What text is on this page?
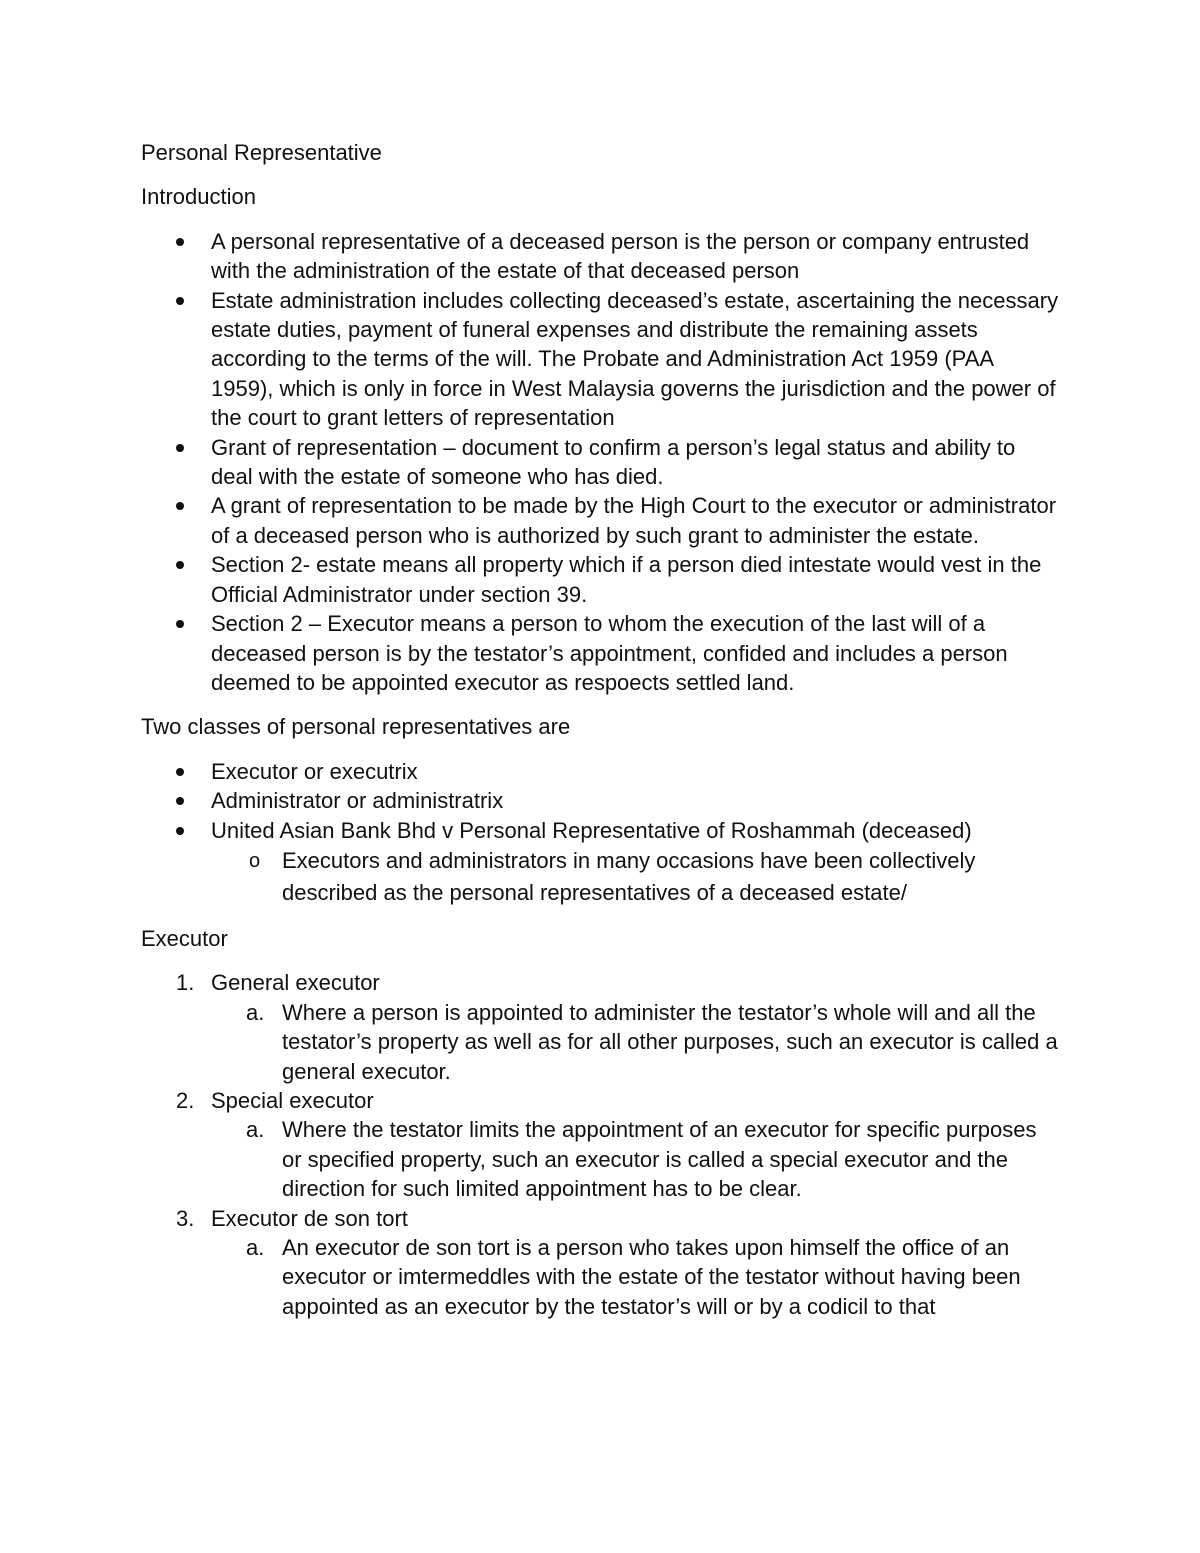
Personal Representative

Introduction

A personal representative of a deceased person is the person or company entrusted with the administration of the estate of that deceased person
Estate administration includes collecting deceased’s estate, ascertaining the necessary estate duties, payment of funeral expenses and distribute the remaining assets according to the terms of the will. The Probate and Administration Act 1959 (PAA 1959), which is only in force in West Malaysia governs the jurisdiction and the power of the court to grant letters of representation
Grant of representation – document to confirm a person’s legal status and ability to deal with the estate of someone who has died.
A grant of representation to be made by the High Court to the executor or administrator of a deceased person who is authorized by such grant to administer the estate.
Section 2- estate means all property which if a person died intestate would vest in the Official Administrator under section 39.
Section 2 – Executor means a person to whom the execution of the last will of a deceased person is by the testator’s appointment, confided and includes a person deemed to be appointed executor as respoects settled land.

Two classes of personal representatives are

Executor or executrix
Administrator or administratrix
United Asian Bank Bhd v Personal Representative of Roshammah (deceased)
o Executors and administrators in many occasions have been collectively described as the personal representatives of a deceased estate/

Executor

1. General executor
a. Where a person is appointed to administer the testator’s whole will and all the testator’s property as well as for all other purposes, such an executor is called a general executor.
2. Special executor
a. Where the testator limits the appointment of an executor for specific purposes or specified property, such an executor is called a special executor and the direction for such limited appointment has to be clear.
3. Executor de son tort
a. An executor de son tort is a person who takes upon himself the office of an executor or imtermeddles with the estate of the testator without having been appointed as an executor by the testator’s will or by a codicil to that
